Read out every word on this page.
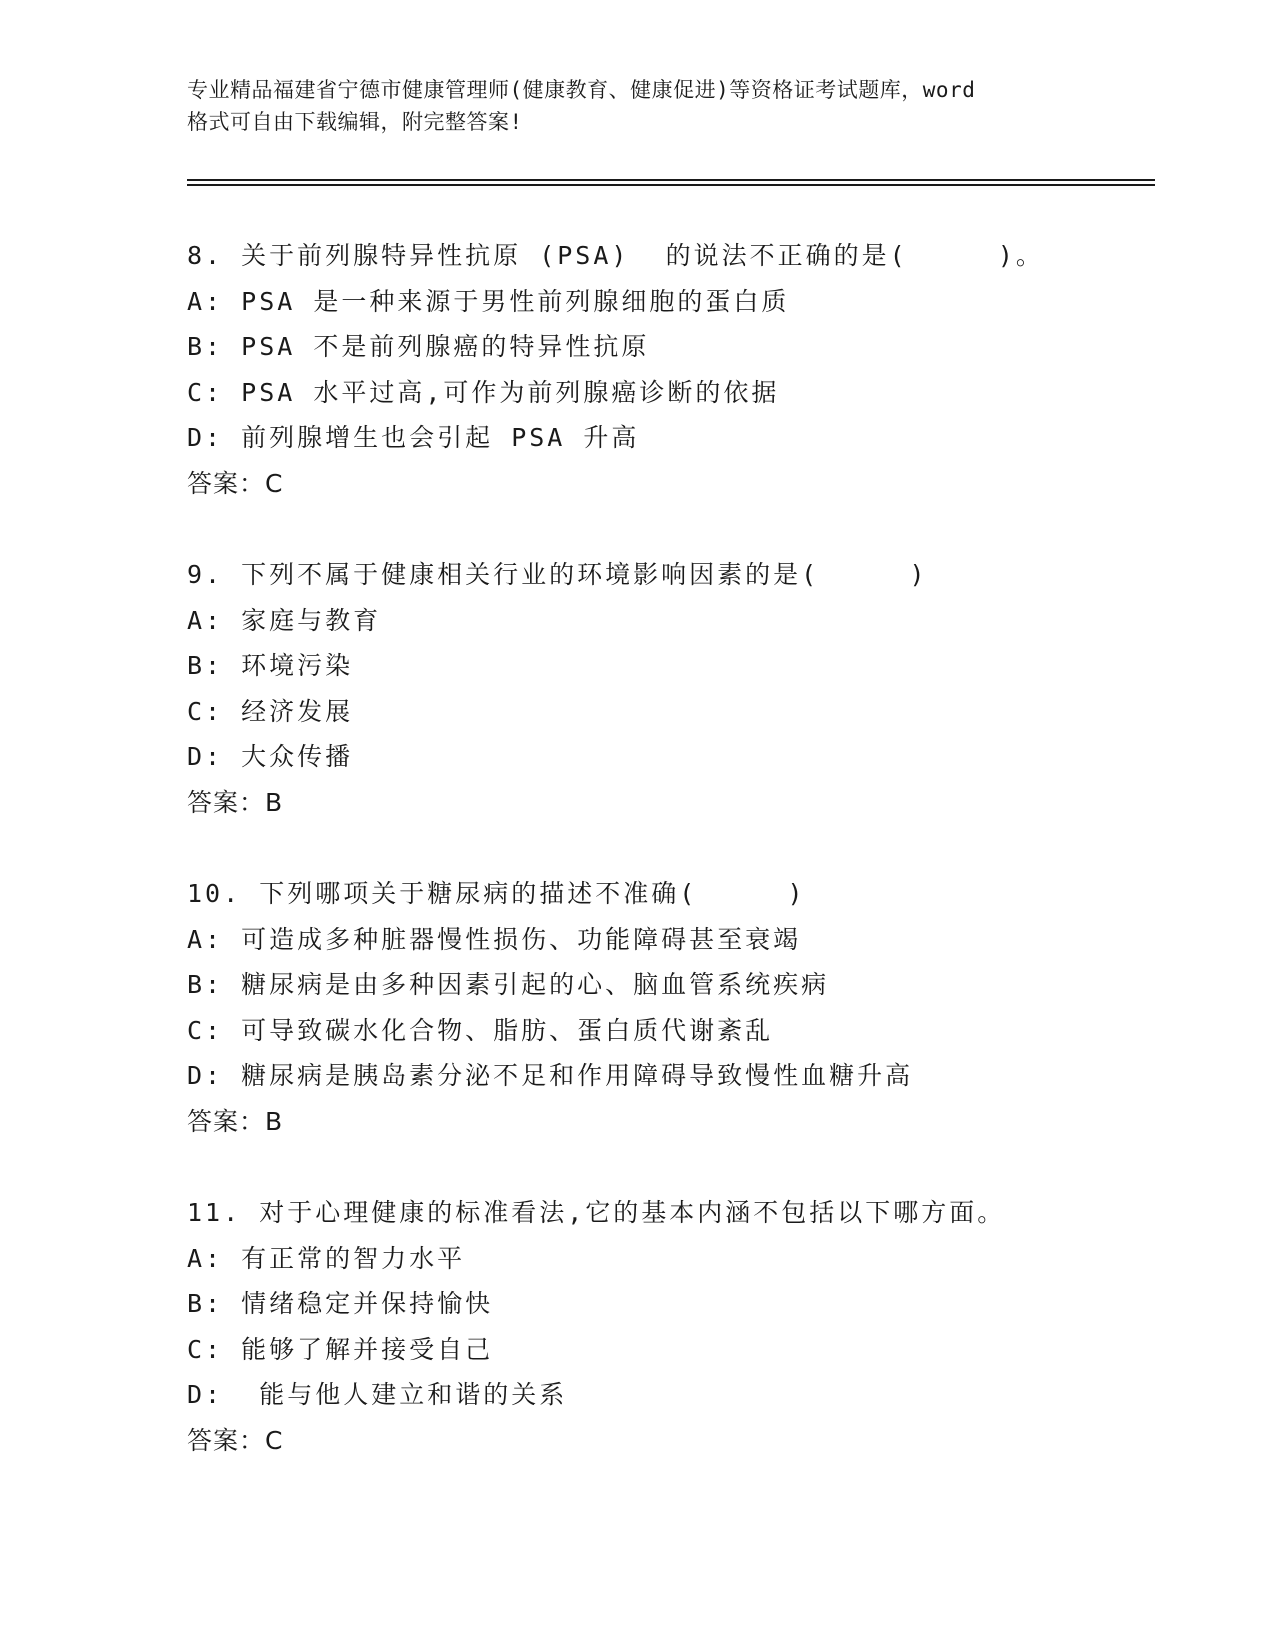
专业精品福建省宁德市健康管理师(健康教育、健康促进)等资格证考试题库，word
格式可自由下载编辑，附完整答案!
8. 关于前列腺特异性抗原 (PSA)  的说法不正确的是(     )。
A: PSA 是一种来源于男性前列腺细胞的蛋白质
B: PSA 不是前列腺癌的特异性抗原
C: PSA 水平过高,可作为前列腺癌诊断的依据
D: 前列腺增生也会引起 PSA 升高
答案：C
9. 下列不属于健康相关行业的环境影响因素的是(     )
A: 家庭与教育
B: 环境污染
C: 经济发展
D: 大众传播
答案：B
10. 下列哪项关于糖尿病的描述不准确(     )
A: 可造成多种脏器慢性损伤、功能障碍甚至衰竭
B: 糖尿病是由多种因素引起的心、脑血管系统疾病
C: 可导致碳水化合物、脂肪、蛋白质代谢紊乱
D: 糖尿病是胰岛素分泌不足和作用障碍导致慢性血糖升高
答案：B
11. 对于心理健康的标准看法,它的基本内涵不包括以下哪方面。
A: 有正常的智力水平
B: 情绪稳定并保持愉快
C: 能够了解并接受自己
D:  能与他人建立和谐的关系
答案：C
